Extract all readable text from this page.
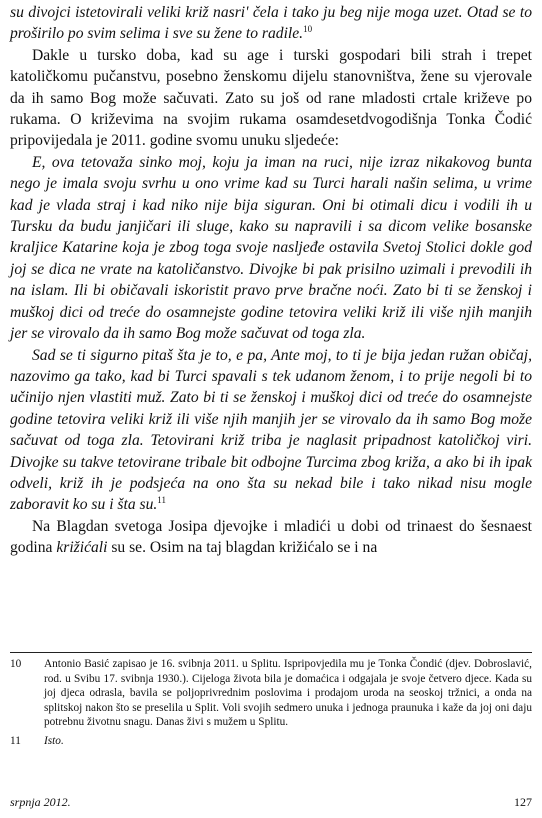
su divojci istetovirali veliki križ nasri' čela i tako ju beg nije moga uzet. Otad se to proširilo po svim selima i sve su žene to radile.$^{10}$

Dakle u tursko doba, kad su age i turski gospodari bili strah i trepet katoličkomu pučanstvu, posebno ženskomu dijelu stanovništva, žene su vjerovale da ih samo Bog može sačuvati. Zato su još od rane mladosti crtale križeve po rukama. O križevima na svojim rukama osamdesetdvogodišnja Tonka Čodić pripovijedala je 2011. godine svomu unuku sljedeće:

E, ova tetovaža sinko moj, koju ja iman na ruci, nije izraz nikakovog bunta nego je imala svoju svrhu u ono vrime kad su Turci harali našin selima, u vrime kad je vlada straj i kad niko nije bija siguran. Oni bi otimali dicu i vodili ih u Tursku da budu janjičari ili sluge, kako su napravili i sa dicom velike bosanske kraljice Katarine koja je zbog toga svoje nasljeđe ostavila Svetoj Stolici dokle god joj se dica ne vrate na katoličanstvo. Divojke bi pak prisilno uzimali i prevodili ih na islam. Ili bi običavali iskoristit pravo prve bračne noći. Zato bi ti se ženskoj i muškoj dici od treće do osamnejste godine tetovira veliki križ ili više njih manjih jer se virovalo da ih samo Bog može sačuvat od toga zla.

Sad se ti sigurno pitaš šta je to, e pa, Ante moj, to ti je bija jedan ružan običaj, nazovimo ga tako, kad bi Turci spavali s tek udanom ženom, i to prije negoli bi to učinijo njen vlastiti muž. Zato bi ti se ženskoj i muškoj dici od treće do osamnejste godine tetovira veliki križ ili više njih manjih jer se virovalo da ih samo Bog može sačuvat od toga zla. Tetovirani križ triba je naglasit pripadnost katoličkoj viri. Divojke su takve tetovirane tribale bit odbojne Turcima zbog križa, a ako bi ih ipak odveli, križ ih je podsjeća na ono šta su nekad bile i tako nikad nisu mogle zaboravit ko su i šta su.$^{11}$

Na Blagdan svetoga Josipa djevojke i mladići u dobi od trinaest do šesnaest godina križićali su se. Osim na taj blagdan križićalo se i na

10	Antonio Basić zapisao je 16. svibnja 2011. u Splitu. Ispripovjedila mu je Tonka Čondić (djev. Dobroslavić, rod. u Svibu 17. svibnja 1930.). Cijeloga života bila je domaćica i odgajala je svoje četvero djece. Kada su joj djeca odrasla, bavila se poljoprivrednim poslovima i prodajom uroda na seoskoj tržnici, a onda na splitskoj nakon što se preselila u Split. Voli svojih sedmero unuka i jednoga praunuka i kaže da joj oni daju potrebnu životnu snagu. Danas živi s mužem u Splitu.
11	Isto.
srpnja 2012.	127
